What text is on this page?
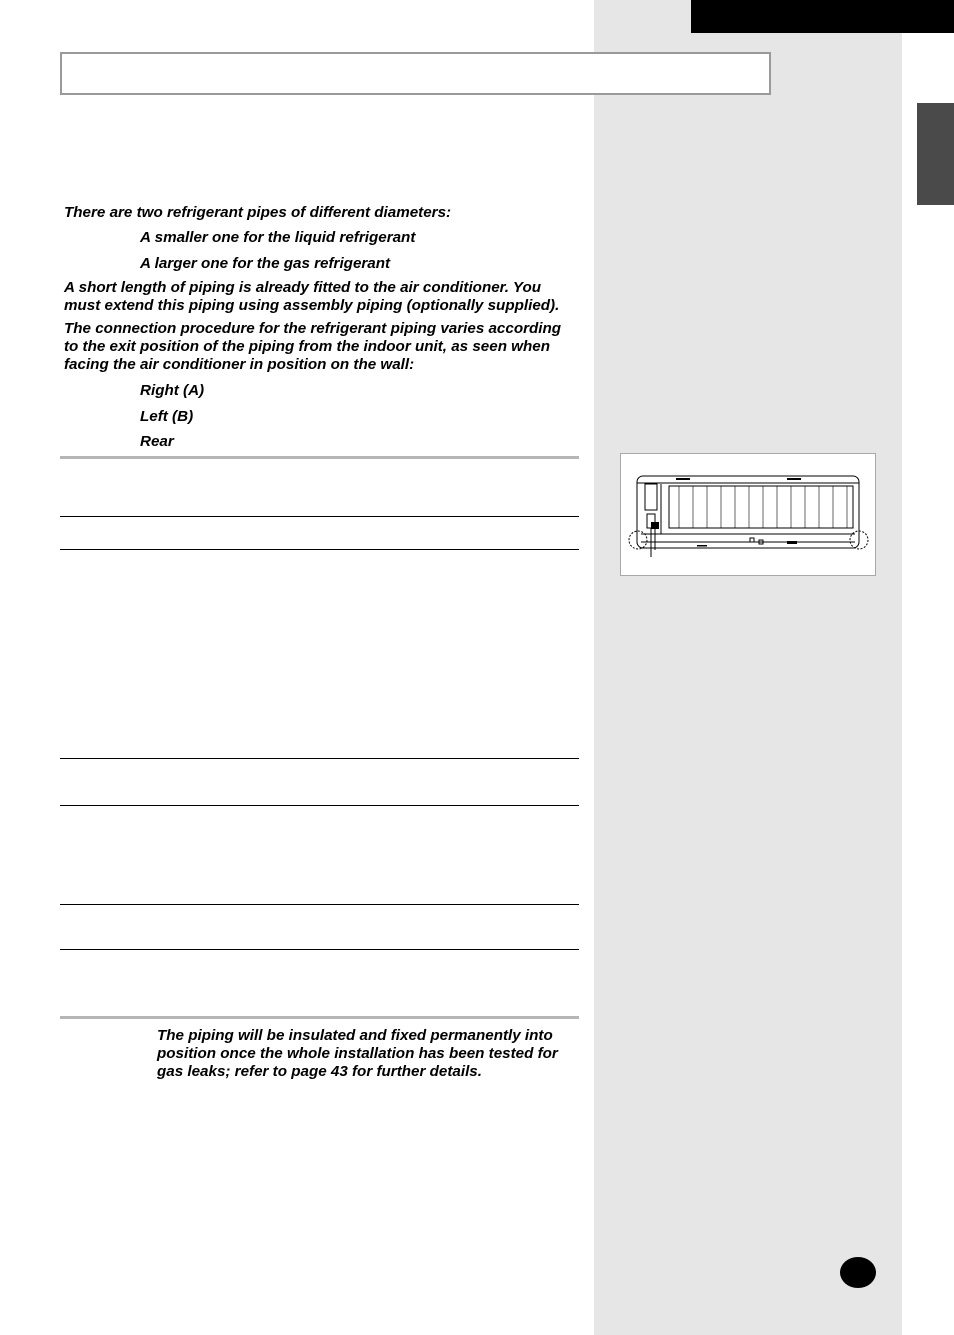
There are two refrigerant pipes of different diameters:

A smaller one for the liquid refrigerant

A larger one for the gas refrigerant

A short length of piping is already fitted to the air conditioner. You

must extend this piping using assembly piping (optionally supplied).

The connection procedure for the refrigerant piping varies according

to the exit position of the piping from the indoor unit, as seen when

facing the air conditioner in position on the wall:

Right (A)

Left (B)

Rear

The piping will be insulated and fixed permanently into

position once the whole installation has been tested for

gas leaks; refer to page 43 for further details.
